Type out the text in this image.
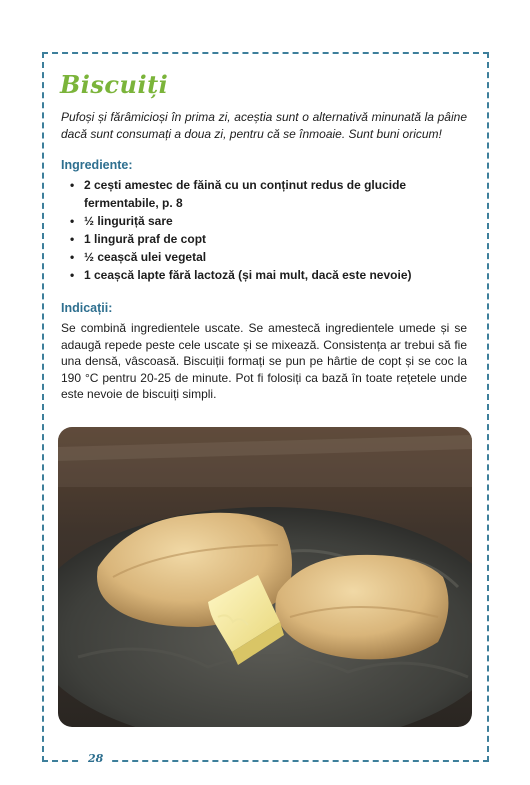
Biscuiți
Pufoși și fărâmicioși în prima zi, aceștia sunt o alternativă minunată la pâine dacă sunt consumați a doua zi, pentru că se înmoaie. Sunt buni oricum!
Ingrediente:
• 2 cești amestec de făină cu un conținut redus de glucide fermentabile, p. 8
• ½ linguriță sare
• 1 lingură praf de copt
• ½ ceașcă ulei vegetal
• 1 ceașcă lapte fără lactoză (și mai mult, dacă este nevoie)
Indicații:
Se combină ingredientele uscate. Se amestecă ingredientele umede și se adaugă repede peste cele uscate și se mixează. Consistența ar trebui să fie una densă, vâscoasă. Biscuiții formați se pun pe hârtie de copt și se coc la 190 °C pentru 20-25 de minute. Pot fi folosiți ca bază în toate rețetele unde este nevoie de biscuiți simpli.
28
